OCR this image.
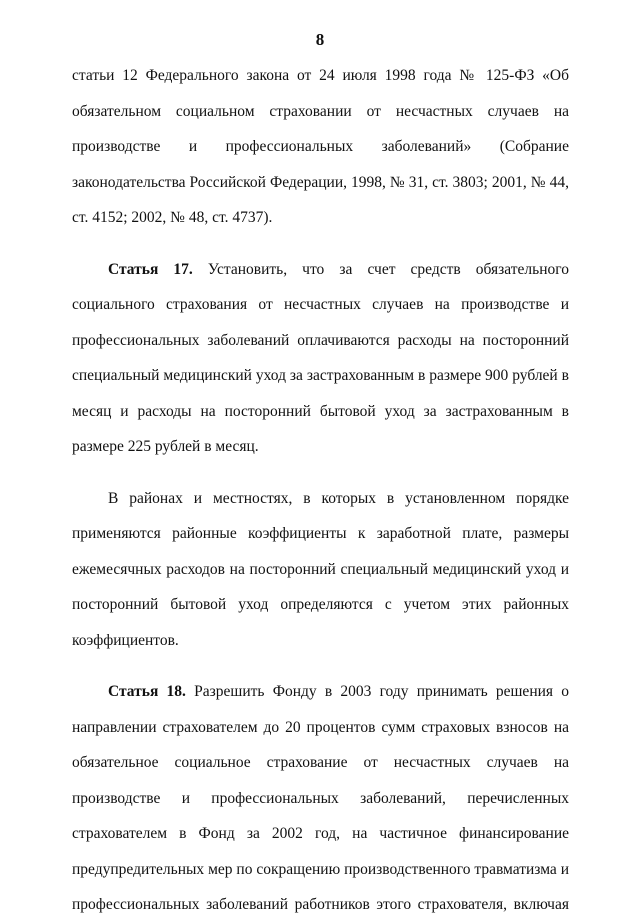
8

статьи 12 Федерального закона от 24 июля 1998 года № 125-ФЗ «Об
обязательном социальном страховании от несчастных случаев на
производстве и профессиональных заболеваний» (Собрание
законодательства Российской Федерации, 1998, № 31, ст. 3803; 2001, № 44,
ст. 4152; 2002, № 48, ст. 4737).

Статья 17. Установить, что за счет средств обязательного
социального страхования от несчастных случаев на производстве и
профессиональных заболеваний оплачиваются расходы на посторонний
специальный медицинский уход за застрахованным в размере 900 рублей в
месяц и расходы на посторонний бытовой уход за застрахованным в
размере 225 рублей в месяц.

В районах и местностях, в которых в установленном порядке
применяются районные коэффициенты к заработной плате, размеры
ежемесячных расходов на посторонний специальный медицинский уход и
посторонний бытовой уход определяются с учетом этих районных
коэффициентов.

Статья 18. Разрешить Фонду в 2003 году принимать решения о
направлении страхователем до 20 процентов сумм страховых взносов на
обязательное социальное страхование от несчастных случаев на
производстве и профессиональных заболеваний, перечисленных
страхователем в Фонд за 2002 год, на частичное финансирование
предупредительных мер по сокращению производственного травматизма и
профессиональных заболеваний работников этого страхователя, включая
